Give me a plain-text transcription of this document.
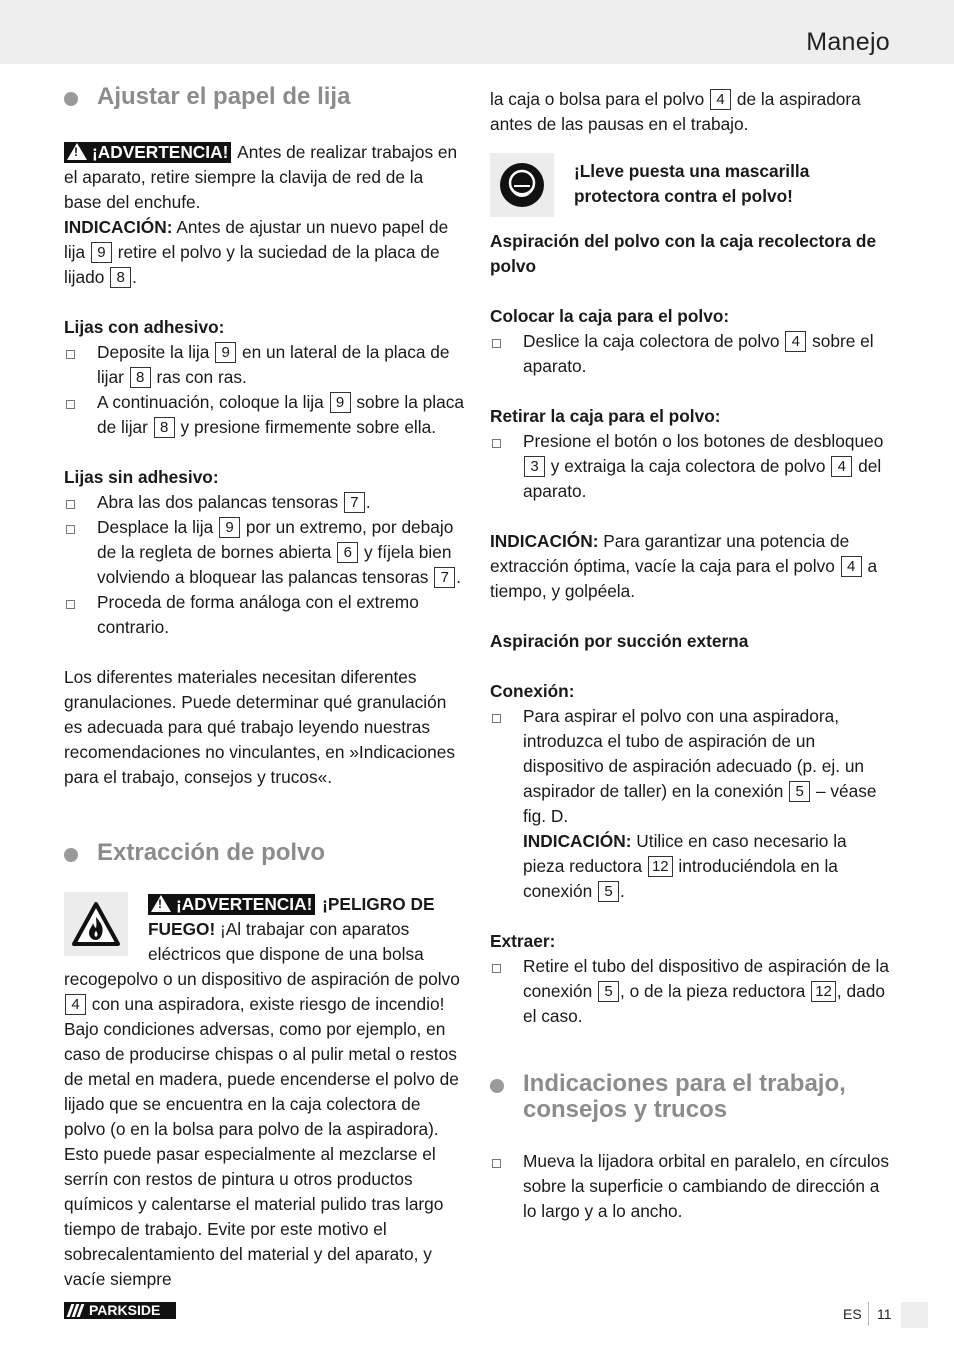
Manejo
Ajustar el papel de lija

!¡ADVERTENCIA! Antes de realizar trabajos en el aparato, retire siempre la clavija de red de la base del enchufe.

INDICACIÓN: Antes de ajustar un nuevo papel de lija 9 retire el polvo y la suciedad de la placa de lijado 8 .

Lijas con adhesivo:

Deposite la lija 9 en un lateral de la placa de lijar 8 ras con ras.
A continuación, coloque la lija 9 sobre la placa de lijar 8 y presione firmemente sobre ella.

Lijas sin adhesivo:

Abra las dos palancas tensoras 7 .
Desplace la lija 9 por un extremo, por debajo de la regleta de bornes abierta 6 y fíjela bien volviendo a bloquear las palancas tensoras 7 .
Proceda de forma análoga con el extremo contrario.

Los diferentes materiales necesitan diferentes granulaciones. Puede determinar qué granulación es adecuada para qué trabajo leyendo nuestras recomendaciones no vinculantes, en »Indicaciones para el trabajo, consejos y trucos«.

Extracción de polvo

!¡ADVERTENCIA! ¡PELIGRO DE FUEGO! ¡Al trabajar con aparatos eléctricos que dispone de una bolsa recogepolvo o un dispositivo de aspiración de polvo 4 con una aspiradora, existe riesgo de incendio! Bajo condiciones adversas, como por ejemplo, en caso de producirse chispas o al pulir metal o restos de metal en madera, puede encenderse el polvo de lijado que se encuentra en la caja colectora de polvo (o en la bolsa para polvo de la aspiradora). Esto puede pasar especialmente al mezclarse el serrín con restos de pintura u otros productos químicos y calentarse el material pulido tras largo tiempo de trabajo. Evite por este motivo el sobrecalentamiento del material y del aparato, y vacíe siempre

la caja o bolsa para el polvo 4 de la aspiradora antes de las pausas en el trabajo.

¡Lleve puesta una mascarilla protectora contra el polvo!

Aspiración del polvo con la caja recolectora de polvo

Colocar la caja para el polvo:

Deslice la caja colectora de polvo 4 sobre el aparato.

Retirar la caja para el polvo:

Presione el botón o los botones de desbloqueo 3 y extraiga la caja colectora de polvo 4 del aparato.

INDICACIÓN: Para garantizar una potencia de extracción óptima, vacíe la caja para el polvo 4 a tiempo, y golpéela.

Aspiración por succión externa

Conexión:

Para aspirar el polvo con una aspiradora, introduzca el tubo de aspiración de un dispositivo de aspiración adecuado (p. ej. un aspirador de taller) en la conexión 5 – véase fig. D.
INDICACIÓN: Utilice en caso necesario la pieza reductora 12 introduciéndola en la conexión 5 .

Extraer:

Retire el tubo del dispositivo de aspiración de la conexión 5 , o de la pieza reductora 12 , dado el caso.
Indicaciones para el trabajo, consejos y trucos
Mueva la lijadora orbital en paralelo, en círculos sobre la superficie o cambiando de dirección a lo largo y a lo ancho.
PARKSIDE	ES 11
